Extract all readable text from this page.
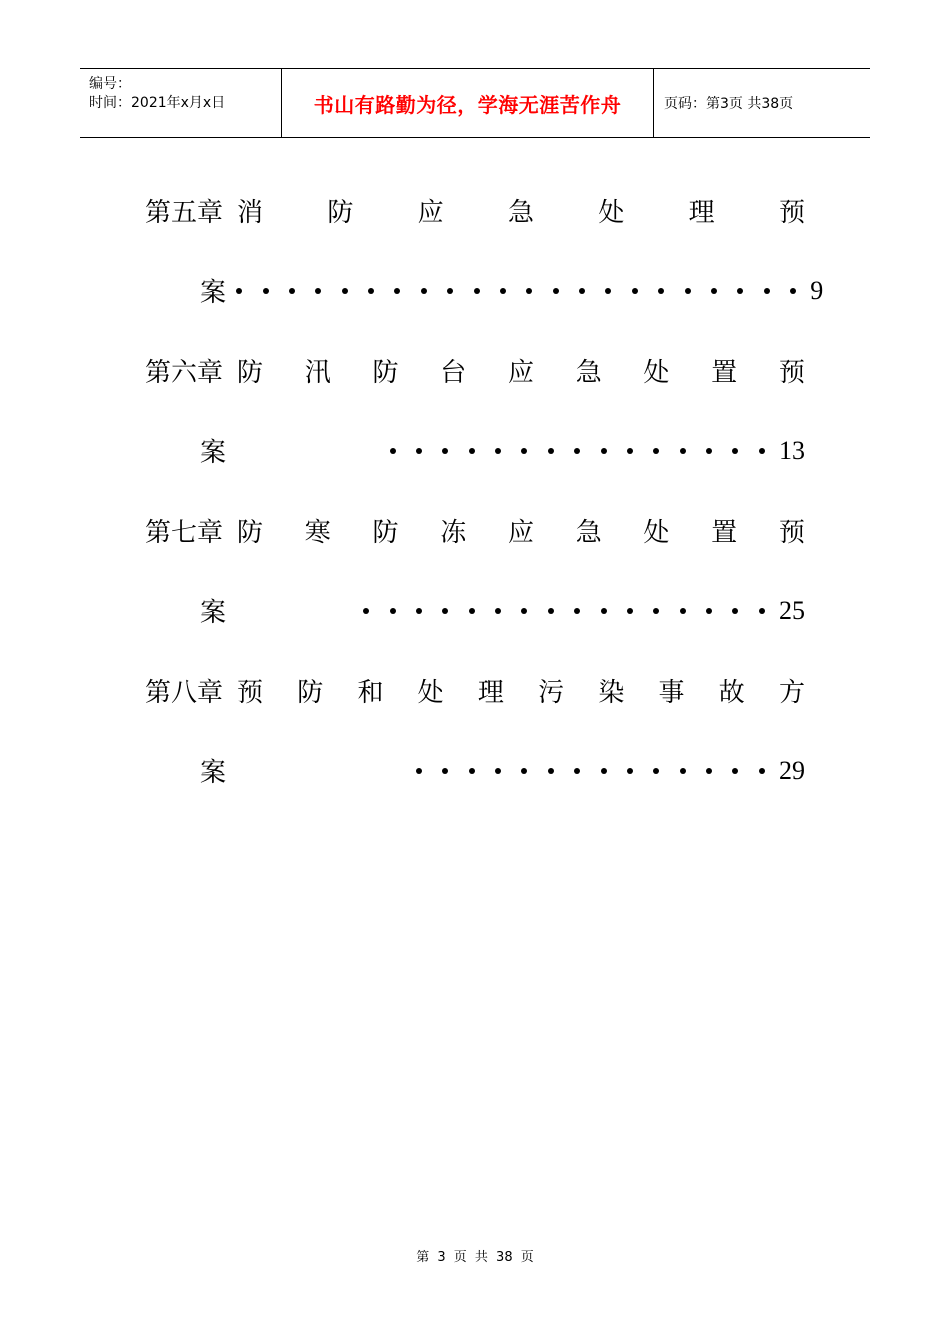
编号：
时间：2021年x月x日	书山有路勤为径，学海无涯苦作舟	页码：第3页 共38页
第五章 消 防 应 急 处 理 预
案	9
第六章 防 汛 防 台 应 急 处 置 预
案	13
第七章 防 寒 防 冻 应 急 处 置 预
案	25
第八章 预 防 和 处 理 污 染 事 故 方
案	29
第 3 页 共 38 页
